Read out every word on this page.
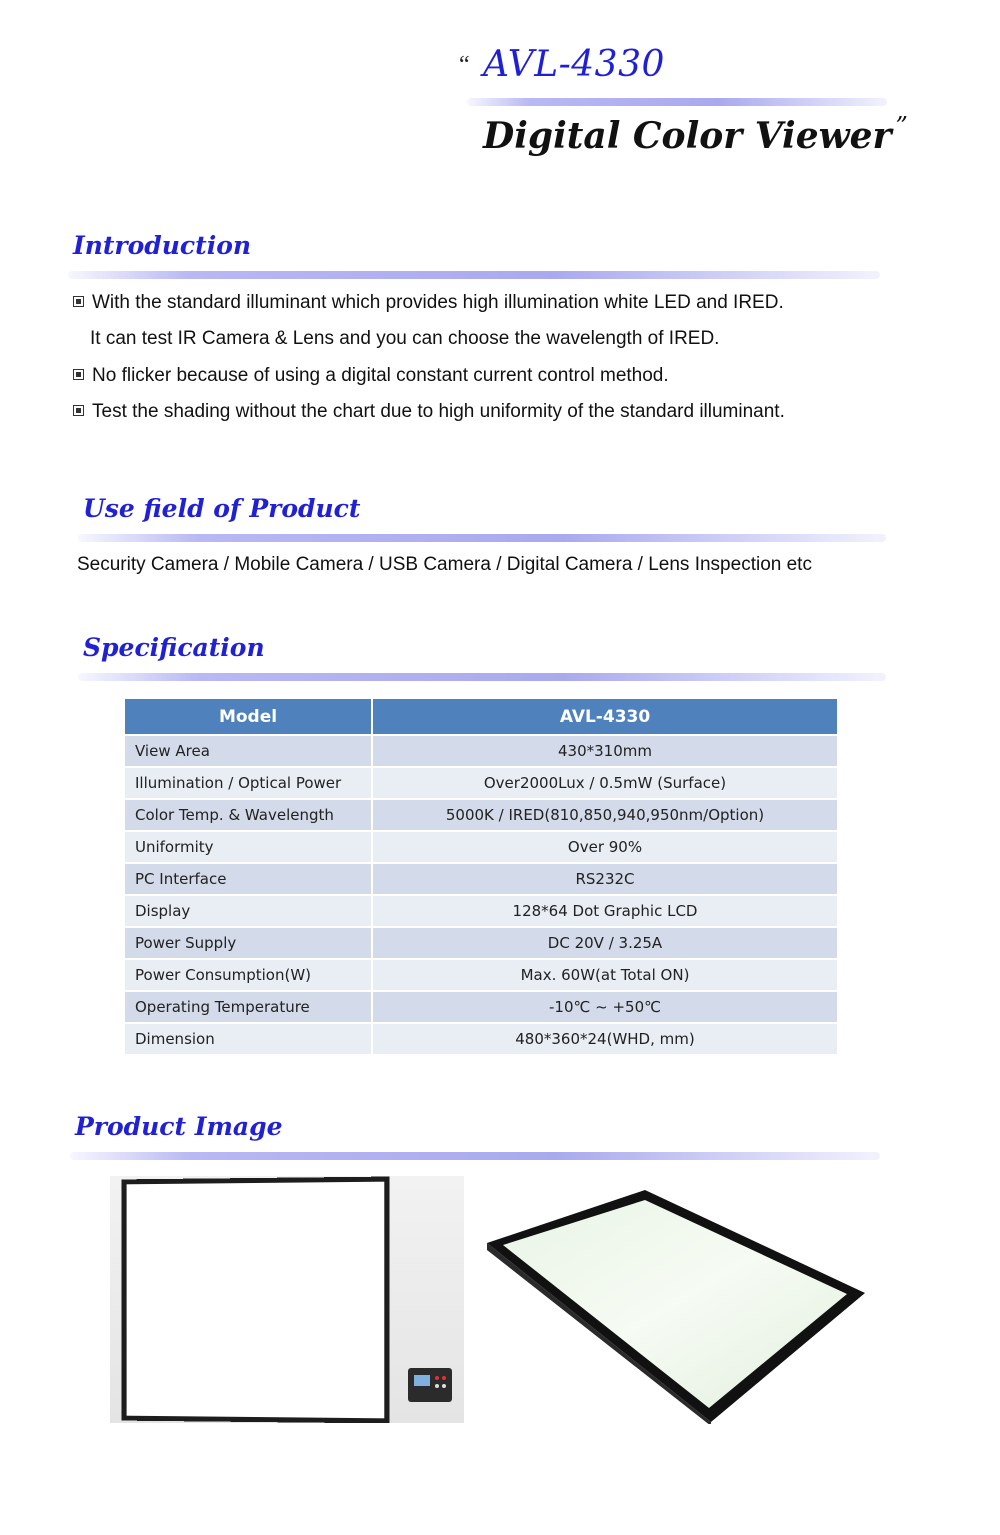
“ AVL-4330
Digital Color Viewer ”
Introduction
With the standard illuminant which provides high illumination white LED and IRED.
It can test IR Camera & Lens and you can choose the wavelength of IRED.
No flicker because of using a digital constant current control method.
Test the shading without the chart due to high uniformity of the standard illuminant.
Use field of Product
Security Camera / Mobile Camera / USB Camera / Digital Camera / Lens Inspection etc
Specification
Model	AVL-4330
View Area	430*310mm
Illumination / Optical Power	Over2000Lux / 0.5mW (Surface)
Color Temp. & Wavelength	5000K / IRED(810,850,940,950nm/Option)
Uniformity	Over 90%
PC Interface	RS232C
Display	128*64 Dot Graphic LCD
Power Supply	DC 20V / 3.25A
Power Consumption(W)	Max. 60W(at Total ON)
Operating Temperature	-10℃ ~ +50℃
Dimension	480*360*24(WHD, mm)
Product Image
